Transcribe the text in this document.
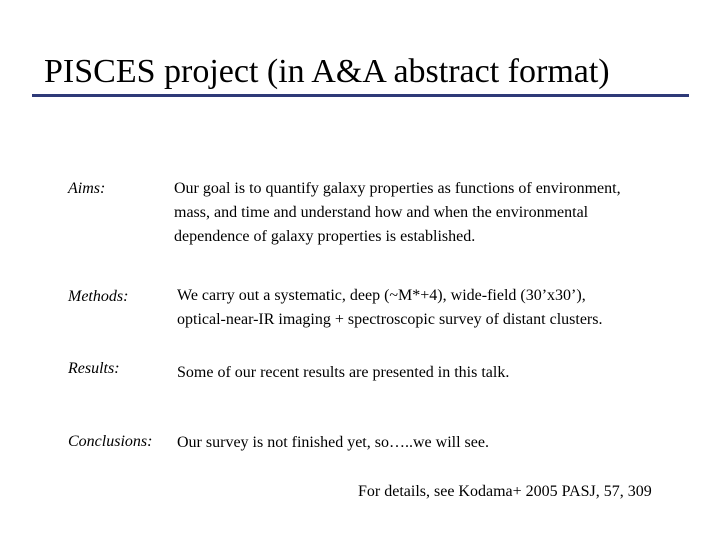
PISCES project (in A&A abstract format)
Aims:	Our goal is to quantify galaxy properties as functions of environment,
mass, and time and understand how and when the environmental
dependence of galaxy properties is established.
Methods:	We carry out a systematic, deep (~M*+4), wide-field (30’x30’),
optical-near-IR imaging + spectroscopic survey of distant clusters.
Results:	Some of our recent results are presented in this talk.
Conclusions: Our survey is not finished yet, so…..we will see.
For details, see Kodama+ 2005 PASJ, 57, 309
